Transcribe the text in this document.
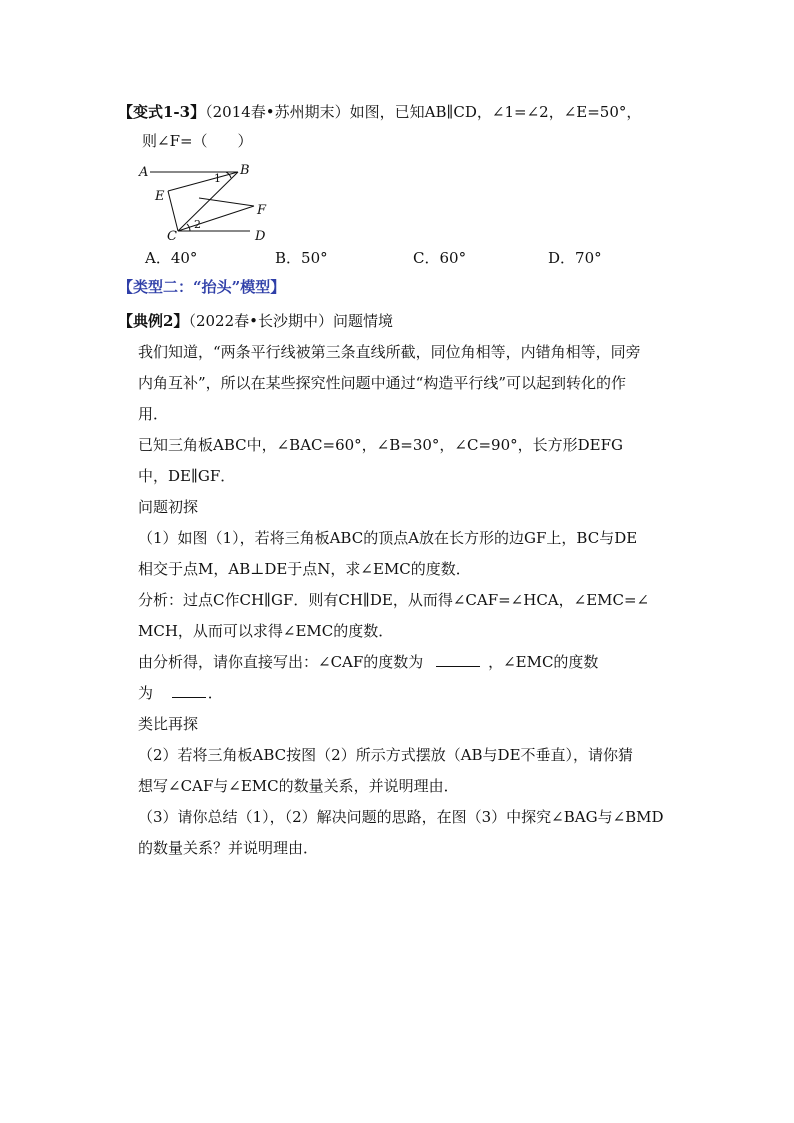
【变式1-3】（2014春•苏州期末）如图，已知AB∥CD，∠1=∠2，∠E=50°，
则∠F=（　　）
A	B
E
F
C	D
1
2
A．40°	B．50°	C．60°	D．70°
【类型二：“抬头”模型】
【典例2】（2022春•长沙期中）问题情境
我们知道，“两条平行线被第三条直线所截，同位角相等，内错角相等，同旁
内角互补”，所以在某些探究性问题中通过“构造平行线”可以起到转化的作
用．
已知三角板ABC中，∠BAC=60°，∠B=30°，∠C=90°，长方形DEFG
中，DE∥GF．
问题初探
（1）如图（1），若将三角板ABC的顶点A放在长方形的边GF上，BC与DE
相交于点M，AB⊥DE于点N，求∠EMC的度数．
分析：过点C作CH∥GF．则有CH∥DE，从而得∠CAF=∠HCA，∠EMC=∠
MCH，从而可以求得∠EMC的度数．
由分析得，请你直接写出：∠CAF的度数为	，∠EMC的度数
为	．
类比再探
（2）若将三角板ABC按图（2）所示方式摆放（AB与DE不垂直），请你猜
想写∠CAF与∠EMC的数量关系，并说明理由．
（3）请你总结（1），（2）解决问题的思路，在图（3）中探究∠BAG与∠BMD
的数量关系？并说明理由．
